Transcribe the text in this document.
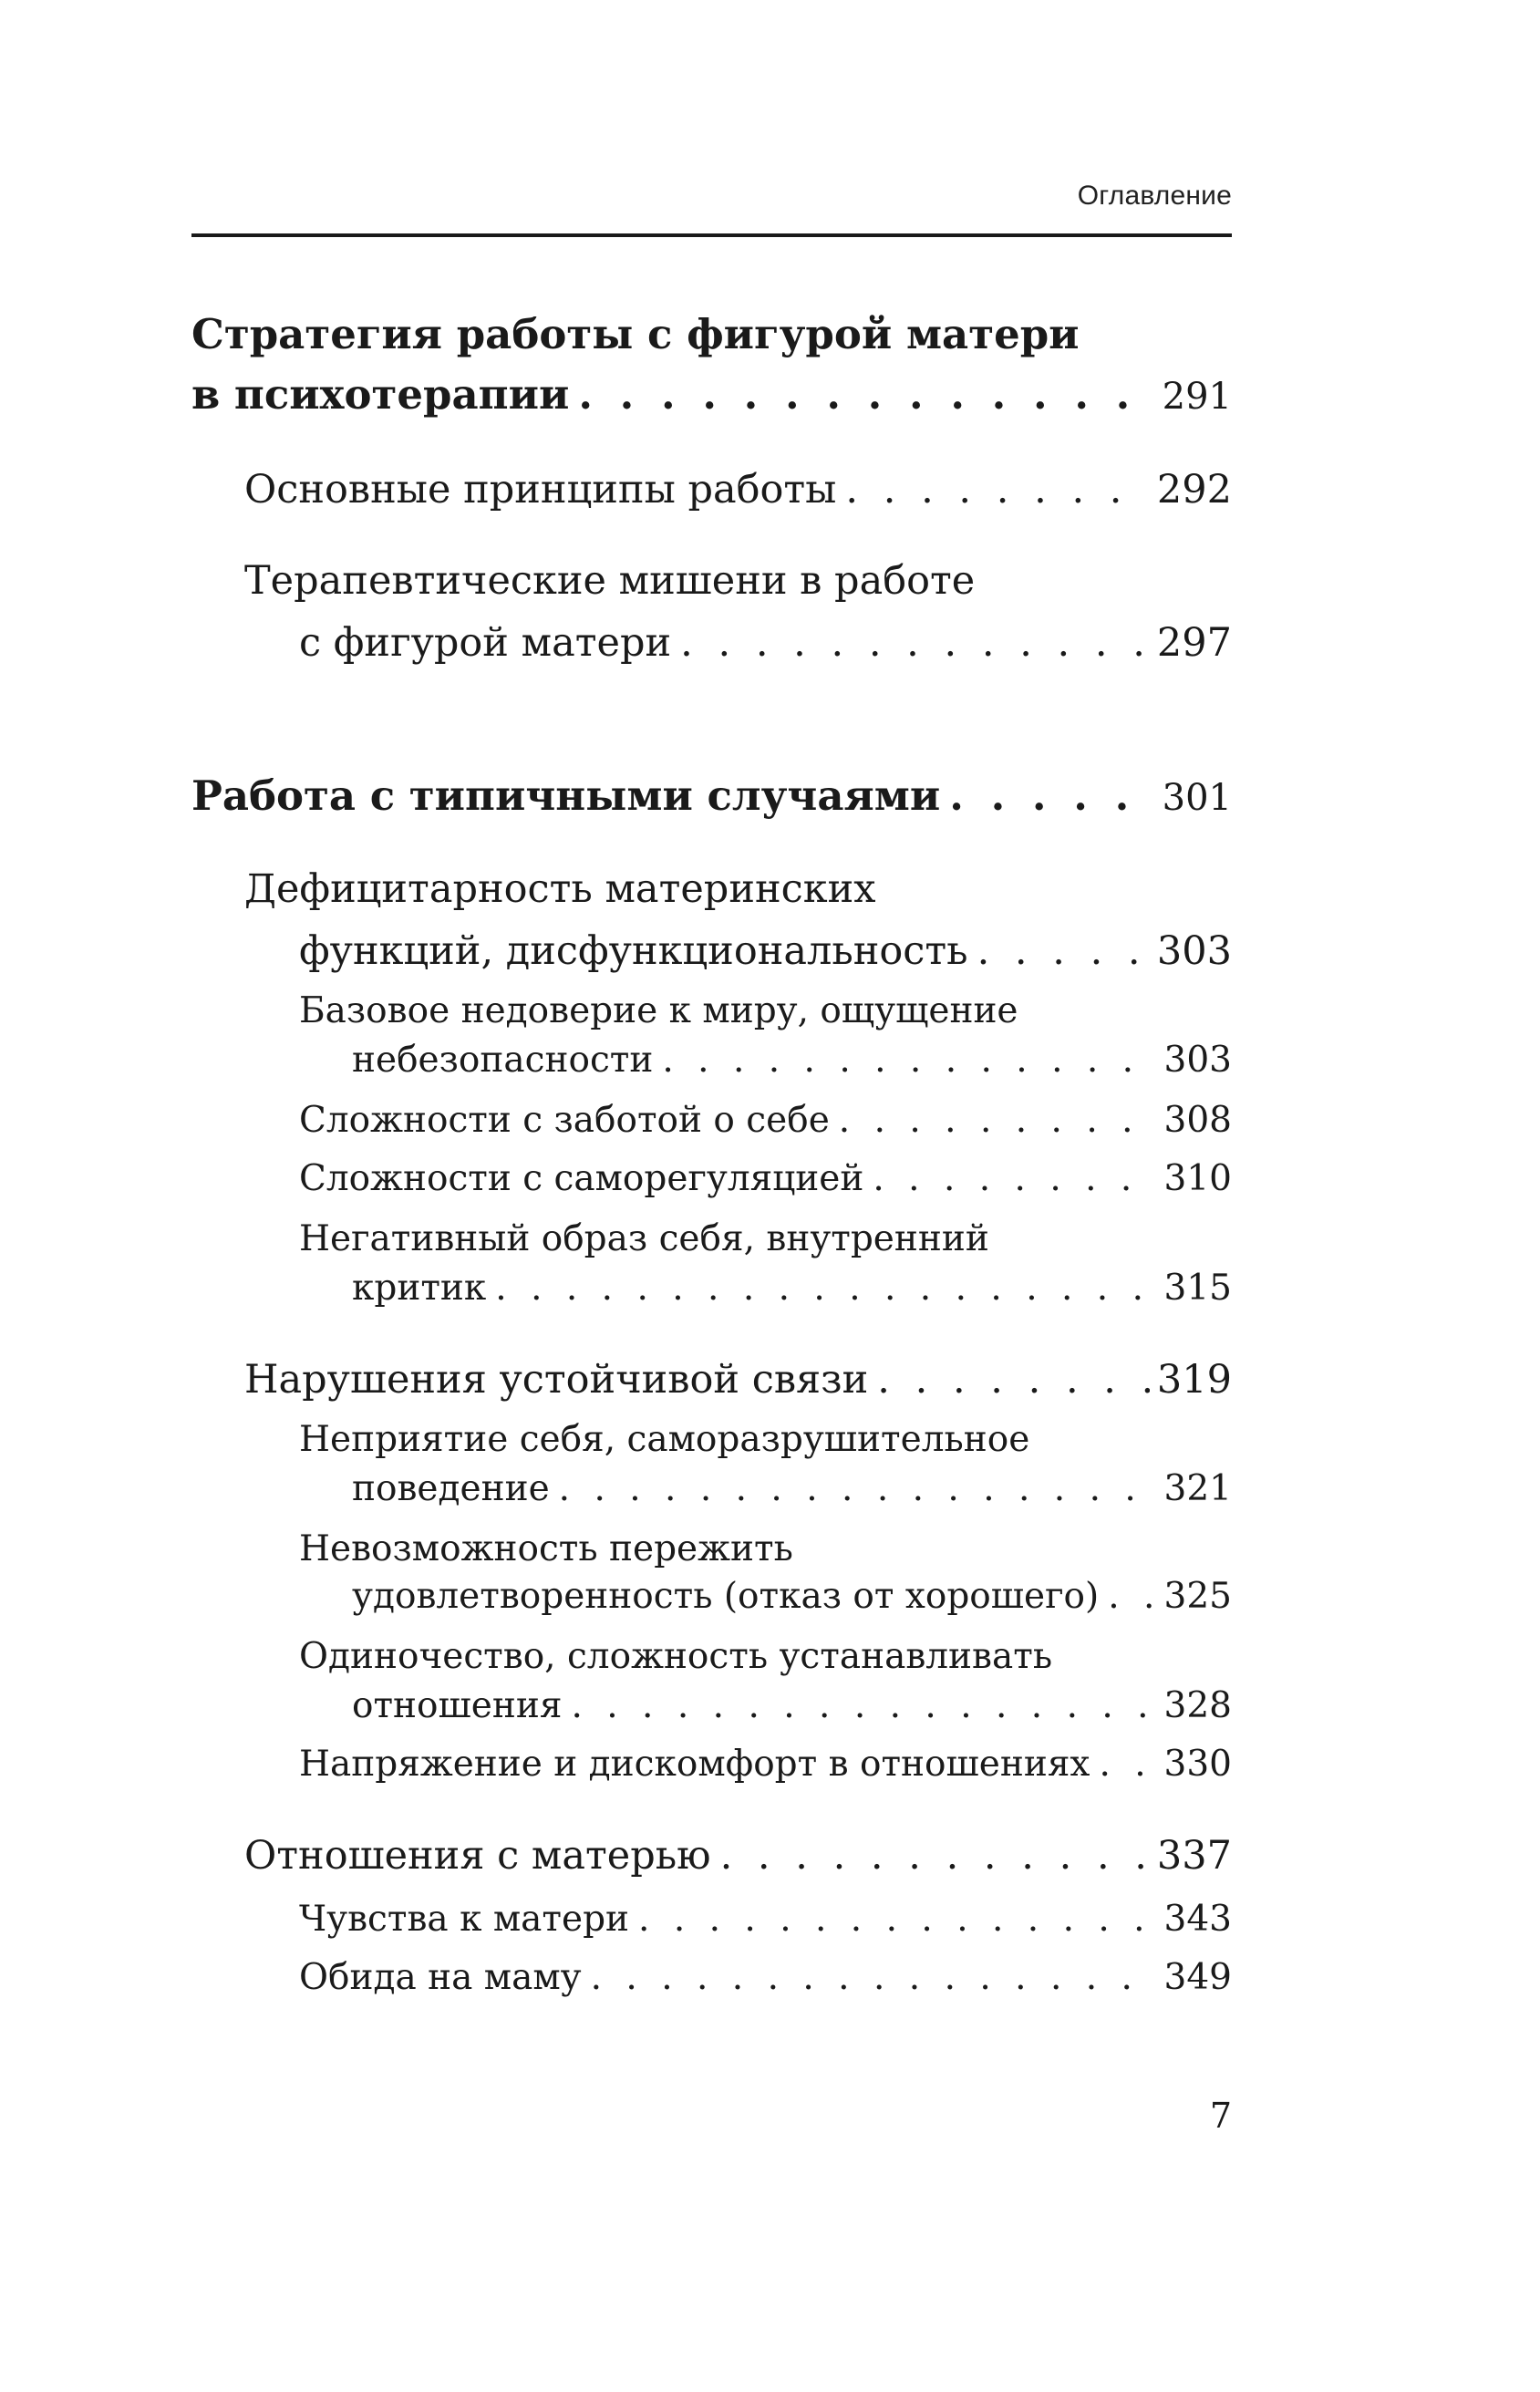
Оглавление
Стратегия работы с фигурой матери
в психотерапии . . .	291
Основные принципы работы . . .	292
Терапевтические мишени в работе
с фигурой матери . . .	297
Работа с типичными случаями . . .	301
Дефицитарность материнских
функций, дисфункциональность . . .	303
Базовое недоверие к миру, ощущение
небезопасности . . .	303
Сложности с заботой о себе . . .	308
Сложности с саморегуляцией . . .	310
Негативный образ себя, внутренний
критик . . .	315
Нарушения устойчивой связи . . .	319
Неприятие себя, саморазрушительное
поведение . . .	321
Невозможность пережить
удовлетворенность (отказ от хорошего) . . . 325
Одиночество, сложность устанавливать
отношения . . .	328
Напряжение и дискомфорт в отношениях . . . 330
Отношения с матерью . . .	337
Чувства к матери . . .	343
Обида на маму . . .	349
7
